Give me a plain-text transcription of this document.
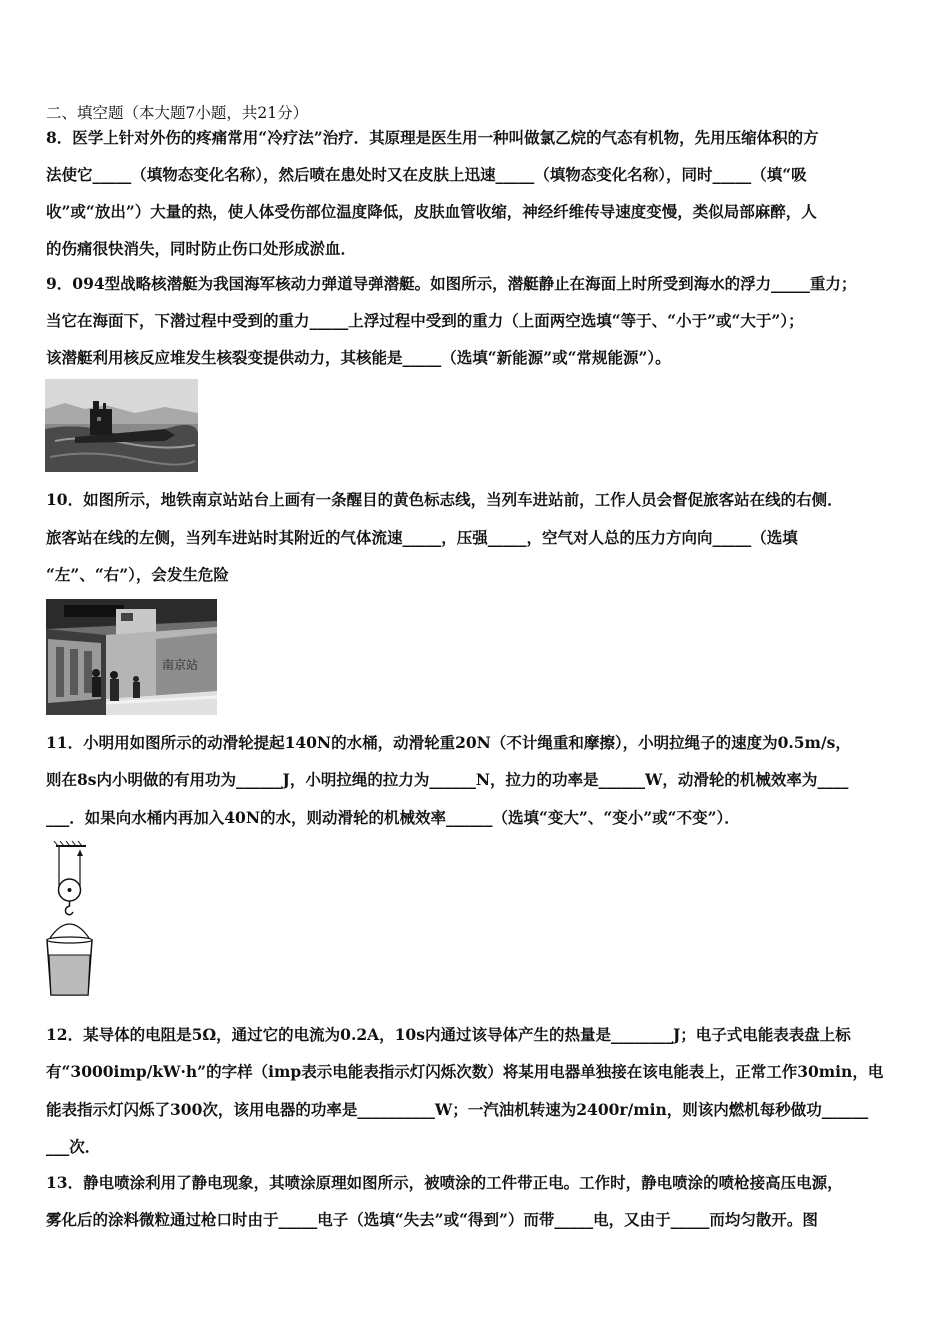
二、填空题（本大题7小题，共21分）
8．医学上针对外伤的疼痛常用“冷疗法”治疗．其原理是医生用一种叫做氯乙烷的气态有机物，先用压缩体积的方
法使它_____（填物态变化名称），然后喷在患处时又在皮肤上迅速_____（填物态变化名称），同时_____（填“吸
收”或“放出”）大量的热，使人体受伤部位温度降低，皮肤血管收缩，神经纤维传导速度变慢，类似局部麻醉，人
的伤痛很快消失，同时防止伤口处形成淤血．
9．094型战略核潜艇为我国海军核动力弹道导弹潜艇。如图所示，潜艇静止在海面上时所受到海水的浮力_____重力；
当它在海面下，下潜过程中受到的重力_____上浮过程中受到的重力（上面两空选填“等于、“小于”或“大于”）；
该潜艇利用核反应堆发生核裂变提供动力，其核能是_____（选填“新能源”或“常规能源”）。
10．如图所示，地铁南京站站台上画有一条醒目的黄色标志线，当列车进站前，工作人员会督促旅客站在线的右侧．
旅客站在线的左侧，当列车进站时其附近的气体流速_____，压强_____，空气对人总的压力方向向_____（选填
“左”、“右”），会发生危险
南京站
11．小明用如图所示的动滑轮提起140N的水桶，动滑轮重20N（不计绳重和摩擦），小明拉绳子的速度为0.5m/s，
则在8s内小明做的有用功为______J，小明拉绳的拉力为______N，拉力的功率是______W，动滑轮的机械效率为____
___．如果向水桶内再加入40N的水，则动滑轮的机械效率______（选填“变大”、“变小”或“不变”）．
12．某导体的电阻是5Ω，通过它的电流为0.2A，10s内通过该导体产生的热量是________J；电子式电能表表盘上标
有“3000imp/kW·h”的字样（imp表示电能表指示灯闪烁次数）将某用电器单独接在该电能表上，正常工作30min，电
能表指示灯闪烁了300次，该用电器的功率是__________W；一汽油机转速为2400r/min，则该内燃机每秒做功______
___次．
13．静电喷涂利用了静电现象，其喷涂原理如图所示，被喷涂的工件带正电。工作时，静电喷涂的喷枪接高压电源，
雾化后的涂料微粒通过枪口时由于_____电子（选填“失去”或“得到”）而带_____电，又由于_____而均匀散开。图
